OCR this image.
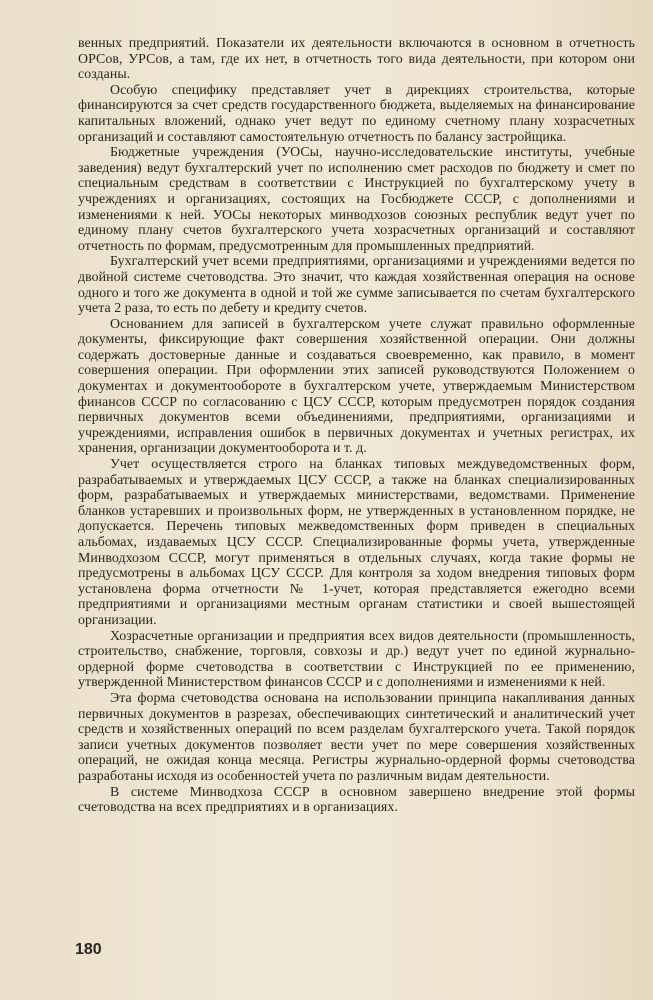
венных предприятий. Показатели их деятельности включаются в основном в отчетность ОРСов, УРСов, а там, где их нет, в отчетность того вида деятельности, при котором они созданы.

Особую специфику представляет учет в дирекциях строительства, которые финансируются за счет средств государственного бюджета, выделяемых на финансирование капитальных вложений, однако учет ведут по единому счетному плану хозрасчетных организаций и составляют самостоятельную отчетность по балансу застройщика.

Бюджетные учреждения (УОСы, научно-исследовательские институты, учебные заведения) ведут бухгалтерский учет по исполнению смет расходов по бюджету и смет по специальным средствам в соответствии с Инструкцией по бухгалтерскому учету в учреждениях и организациях, состоящих на Госбюджете СССР, с дополнениями и изменениями к ней. УОСы некоторых минводхозов союзных республик ведут учет по единому плану счетов бухгалтерского учета хозрасчетных организаций и составляют отчетность по формам, предусмотренным для промышленных предприятий.

Бухгалтерский учет всеми предприятиями, организациями и учреждениями ведется по двойной системе счетоводства. Это значит, что каждая хозяйственная операция на основе одного и того же документа в одной и той же сумме записывается по счетам бухгалтерского учета 2 раза, то есть по дебету и кредиту счетов.

Основанием для записей в бухгалтерском учете служат правильно оформленные документы, фиксирующие факт совершения хозяйственной операции. Они должны содержать достоверные данные и создаваться своевременно, как правило, в момент совершения операции. При оформлении этих записей руководствуются Положением о документах и документообороте в бухгалтерском учете, утверждаемым Министерством финансов СССР по согласованию с ЦСУ СССР, которым предусмотрен порядок создания первичных документов всеми объединениями, предприятиями, организациями и учреждениями, исправления ошибок в первичных документах и учетных регистрах, их хранения, организации документооборота и т. д.

Учет осуществляется строго на бланках типовых междуведомственных форм, разрабатываемых и утверждаемых ЦСУ СССР, а также на бланках специализированных форм, разрабатываемых и утверждаемых министерствами, ведомствами. Применение бланков устаревших и произвольных форм, не утвержденных в установленном порядке, не допускается. Перечень типовых межведомственных форм приведен в специальных альбомах, издаваемых ЦСУ СССР. Специализированные формы учета, утвержденные Минводхозом СССР, могут применяться в отдельных случаях, когда такие формы не предусмотрены в альбомах ЦСУ СССР. Для контроля за ходом внедрения типовых форм установлена форма отчетности № 1-учет, которая представляется ежегодно всеми предприятиями и организациями местным органам статистики и своей вышестоящей организации.

Хозрасчетные организации и предприятия всех видов деятельности (промышленность, строительство, снабжение, торговля, совхозы и др.) ведут учет по единой журнально-ордерной форме счетоводства в соответствии с Инструкцией по ее применению, утвержденной Министерством финансов СССР и с дополнениями и изменениями к ней.

Эта форма счетоводства основана на использовании принципа накапливания данных первичных документов в разрезах, обеспечивающих синтетический и аналитический учет средств и хозяйственных операций по всем разделам бухгалтерского учета. Такой порядок записи учетных документов позволяет вести учет по мере совершения хозяйственных операций, не ожидая конца месяца. Регистры журнально-ордерной формы счетоводства разработаны исходя из особенностей учета по различным видам деятельности.

В системе Минводхоза СССР в основном завершено внедрение этой формы счетоводства на всех предприятиях и в организациях.

180
